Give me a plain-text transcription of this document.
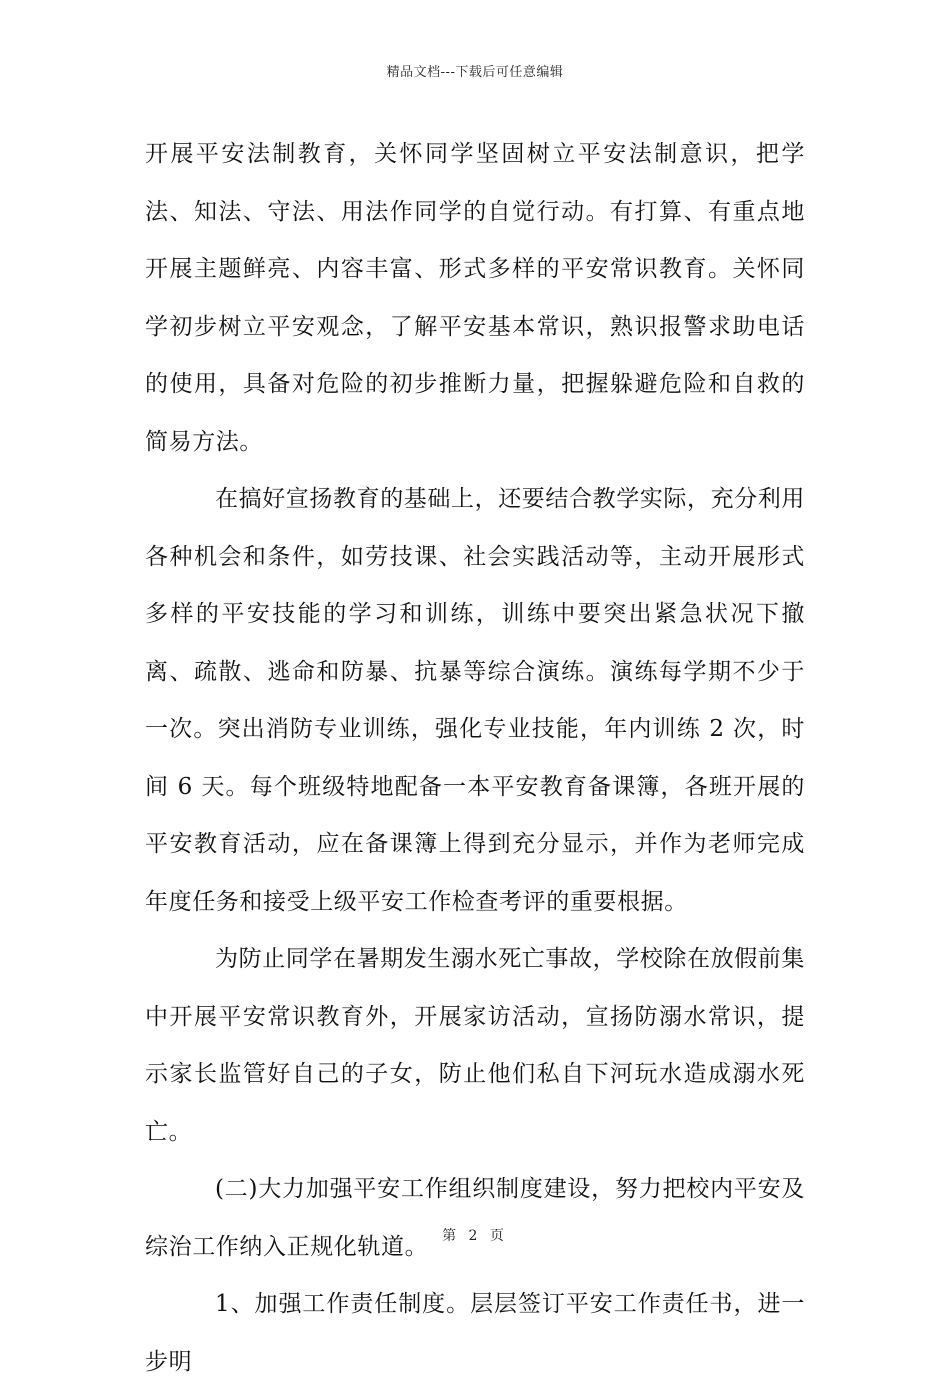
精品文档---下载后可任意编辑

开展平安法制教育，关怀同学坚固树立平安法制意识，把学法、知法、守法、用法作同学的自觉行动。有打算、有重点地开展主题鲜亮、内容丰富、形式多样的平安常识教育。关怀同学初步树立平安观念，了解平安基本常识，熟识报警求助电话的使用，具备对危险的初步推断力量，把握躲避危险和自救的简易方法。

在搞好宣扬教育的基础上，还要结合教学实际，充分利用各种机会和条件，如劳技课、社会实践活动等，主动开展形式多样的平安技能的学习和训练，训练中要突出紧急状况下撤离、疏散、逃命和防暴、抗暴等综合演练。演练每学期不少于一次。突出消防专业训练，强化专业技能，年内训练 2 次，时间 6 天。每个班级特地配备一本平安教育备课簿，各班开展的平安教育活动，应在备课簿上得到充分显示，并作为老师完成年度任务和接受上级平安工作检查考评的重要根据。

为防止同学在暑期发生溺水死亡事故，学校除在放假前集中开展平安常识教育外，开展家访活动，宣扬防溺水常识，提示家长监管好自己的子女，防止他们私自下河玩水造成溺水死亡。

(二)大力加强平安工作组织制度建设，努力把校内平安及综治工作纳入正规化轨道。

1、加强工作责任制度。层层签订平安工作责任书，进一步明

第 2 页
